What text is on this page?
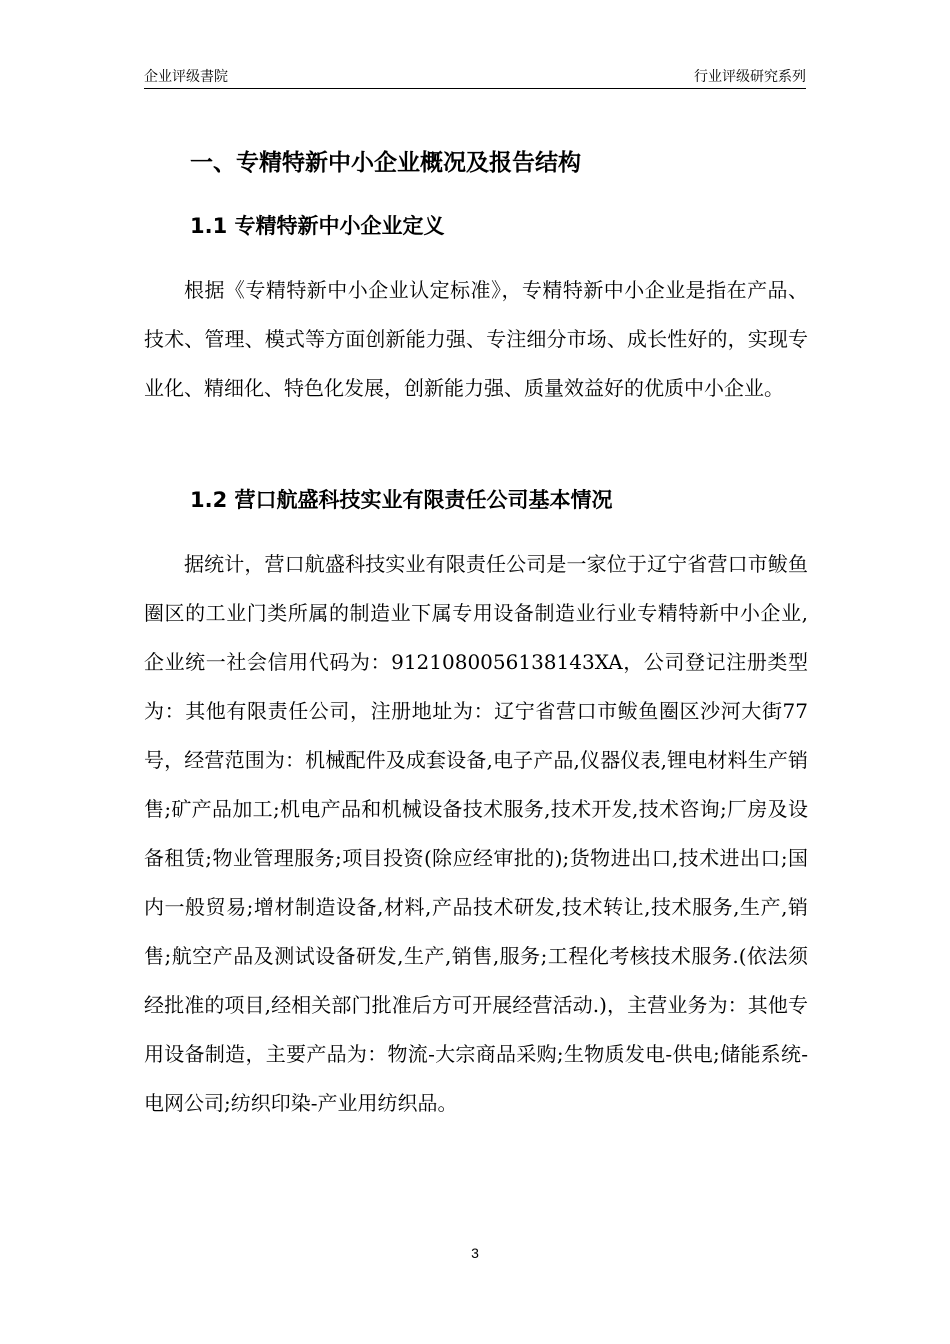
企业评级書院	行业评级研究系列
一、专精特新中小企业概况及报告结构
1.1 专精特新中小企业定义

根据《专精特新中小企业认定标准》，专精特新中小企业是指在产品、技术、管理、模式等方面创新能力强、专注细分市场、成长性好的，实现专业化、精细化、特色化发展，创新能力强、质量效益好的优质中小企业。

1.2 营口航盛科技实业有限责任公司基本情况

据统计，营口航盛科技实业有限责任公司是一家位于辽宁省营口市鲅鱼圈区的工业门类所属的制造业下属专用设备制造业行业专精特新中小企业,企业统一社会信用代码为：9121080056138143XA，公司登记注册类型为：其他有限责任公司，注册地址为：辽宁省营口市鲅鱼圈区沙河大街77号，经营范围为：机械配件及成套设备,电子产品,仪器仪表,锂电材料生产销售;矿产品加工;机电产品和机械设备技术服务,技术开发,技术咨询;厂房及设备租赁;物业管理服务;项目投资(除应经审批的);货物进出口,技术进出口;国内一般贸易;增材制造设备,材料,产品技术研发,技术转让,技术服务,生产,销售;航空产品及测试设备研发,生产,销售,服务;工程化考核技术服务.(依法须经批准的项目,经相关部门批准后方可开展经营活动.)，主营业务为：其他专用设备制造，主要产品为：物流-大宗商品采购;生物质发电-供电;储能系统-电网公司;纺织印染-产业用纺织品。

3
